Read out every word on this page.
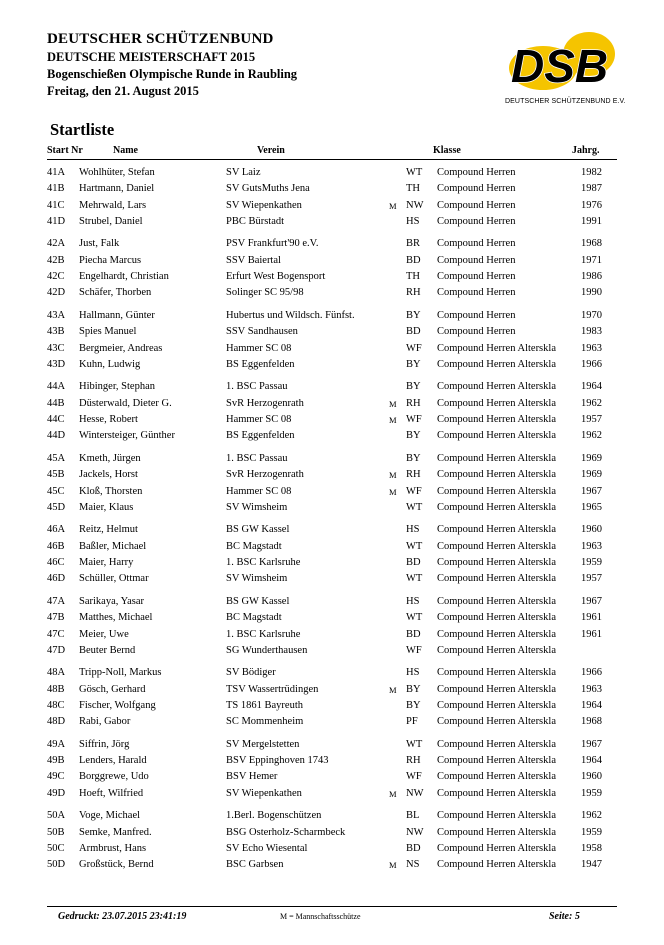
DEUTSCHER SCHÜTZENBUND
DEUTSCHE MEISTERSCHAFT 2015
Bogenschießen Olympische Runde in Raubling
Freitag, den 21. August 2015	DSB
DEUTSCHER SCHÜTZENBUND E.V.
Startliste
Start Nr	Name	Verein	Klasse	Jahrg.
41A Wohlhüter, Stefan	SV Laiz	WT Compound Herren	1982
41B Hartmann, Daniel	SV GutsMuths Jena	TH Compound Herren	1987
41C Mehrwald, Lars	SV Wiepenkathen	M NW Compound Herren	1976
41D Strubel, Daniel	PBC Bürstadt	HS Compound Herren	1991
42A Just, Falk	PSV Frankfurt'90 e.V.	BR Compound Herren	1968
42B Piecha Marcus	SSV Baiertal	BD Compound Herren	1971
42C Engelhardt, Christian	Erfurt West Bogensport	TH Compound Herren	1986
42D Schäfer, Thorben	Solinger SC 95/98	RH Compound Herren	1990
43A Hallmann, Günter	Hubertus und Wildsch. Fünfst.	BY Compound Herren	1970
43B Spies Manuel	SSV Sandhausen	BD Compound Herren	1983
43C Bergmeier, Andreas	Hammer SC 08	WF Compound Herren Alterskla 1963
43D Kuhn, Ludwig	BS Eggenfelden	BY Compound Herren Alterskla 1966
44A Hibinger, Stephan	1. BSC Passau	BY Compound Herren Alterskla 1964
44B Düsterwald, Dieter G.	SvR Herzogenrath	M RH Compound Herren Alterskla 1962
44C Hesse, Robert	Hammer SC 08	M WF Compound Herren Alterskla 1957
44D Wintersteiger, Günther	BS Eggenfelden	BY Compound Herren Alterskla 1962
45A Kmeth, Jürgen	1. BSC Passau	BY Compound Herren Alterskla 1969
45B Jackels, Horst	SvR Herzogenrath	M RH Compound Herren Alterskla 1969
45C Kloß, Thorsten	Hammer SC 08	M WF Compound Herren Alterskla 1967
45D Maier, Klaus	SV Wimsheim	WT Compound Herren Alterskla 1965
46A Reitz, Helmut	BS GW Kassel	HS Compound Herren Alterskla 1960
46B Baßler, Michael	BC Magstadt	WT Compound Herren Alterskla 1963
46C Maier, Harry	1. BSC Karlsruhe	BD Compound Herren Alterskla 1959
46D Schüller, Ottmar	SV Wimsheim	WT Compound Herren Alterskla 1957
47A Sarikaya, Yasar	BS GW Kassel	HS Compound Herren Alterskla 1967
47B Matthes, Michael	BC Magstadt	WT Compound Herren Alterskla 1961
47C Meier, Uwe	1. BSC Karlsruhe	BD Compound Herren Alterskla 1961
47D Beuter Bernd	SG Wunderthausen	WF Compound Herren Alterskla
48A Tripp-Noll, Markus	SV Bödiger	HS Compound Herren Alterskla 1966
48B Gösch, Gerhard	TSV Wassertrüdingen	M BY Compound Herren Alterskla 1963
48C Fischer, Wolfgang	TS 1861 Bayreuth	BY Compound Herren Alterskla 1964
48D Rabi, Gabor	SC Mommenheim	PF Compound Herren Alterskla 1968
49A Siffrin, Jörg	SV Mergelstetten	WT Compound Herren Alterskla 1967
49B Lenders, Harald	BSV Eppinghoven 1743	RH Compound Herren Alterskla 1964
49C Borggrewe, Udo	BSV Hemer	WF Compound Herren Alterskla 1960
49D Hoeft, Wilfried	SV Wiepenkathen	M NW Compound Herren Alterskla 1959
50A Voge, Michael	1.Berl. Bogenschützen	BL Compound Herren Alterskla 1962
50B Semke, Manfred.	BSG Osterholz-Scharmbeck	NW Compound Herren Alterskla 1959
50C Armbrust, Hans	SV Echo Wiesental	BD Compound Herren Alterskla 1958
50D Großstück, Bernd	BSC Garbsen	M NS Compound Herren Alterskla 1947
Gedruckt: 23.07.2015 23:41:19	M = Mannschaftsschütze	Seite: 5
